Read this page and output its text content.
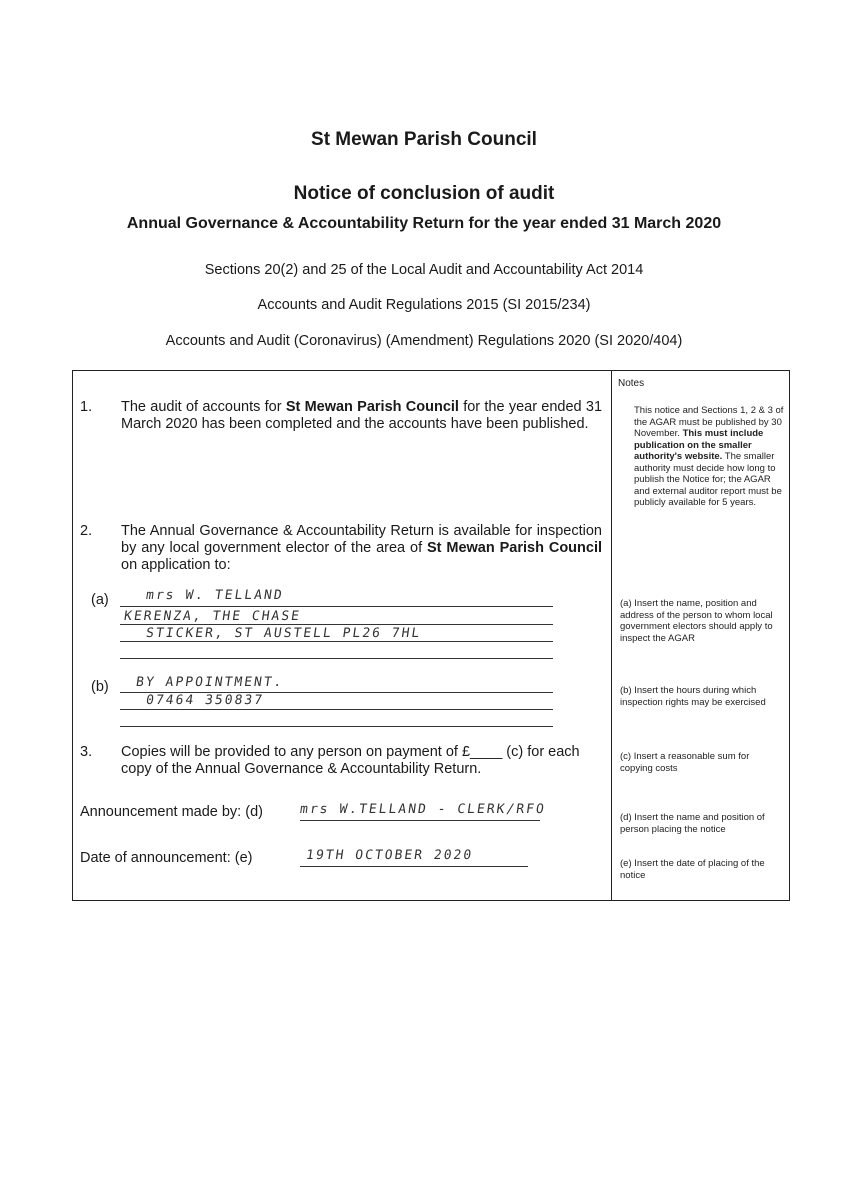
St Mewan Parish Council
Notice of conclusion of audit
Annual Governance & Accountability Return for the year ended 31 March 2020
Sections 20(2) and 25 of the Local Audit and Accountability Act 2014
Accounts and Audit Regulations 2015 (SI 2015/234)
Accounts and Audit (Coronavirus) (Amendment) Regulations 2020 (SI 2020/404)
Notes
1. The audit of accounts for St Mewan Parish Council for the year ended 31 March 2020 has been completed and the accounts have been published.
2. The Annual Governance & Accountability Return is available for inspection by any local government elector of the area of St Mewan Parish Council on application to:
(a)	mrs W. TELLAND
KERENZA, THE CHASE
STICKER, ST AUSTELL PL26 7HL
(b) BY APPOINTMENT.
07464 350837
3. Copies will be provided to any person on payment of £____ (c) for each copy of the Annual Governance & Accountability Return.
Announcement made by: (d)	mrs W.TELLAND - CLERK/RFO
Date of announcement: (e)	19TH OCTOBER 2020
This notice and Sections 1, 2 & 3 of the AGAR must be published by 30 November. This must include publication on the smaller authority's website. The smaller authority must decide how long to publish the Notice for; the AGAR and external auditor report must be publicly available for 5 years.
(a) Insert the name, position and address of the person to whom local government electors should apply to inspect the AGAR
(b) Insert the hours during which inspection rights may be exercised
(c) Insert a reasonable sum for copying costs
(d) Insert the name and position of person placing the notice
(e) Insert the date of placing of the notice
